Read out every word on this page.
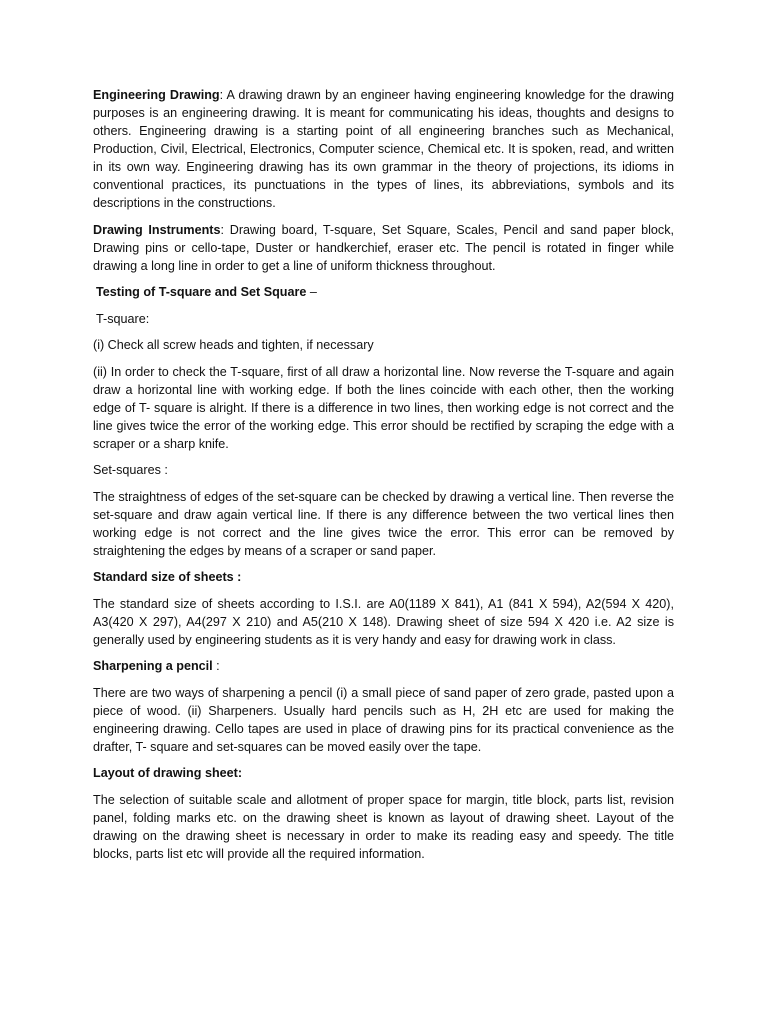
Engineering Drawing: A drawing drawn by an engineer having engineering knowledge for the drawing purposes is an engineering drawing. It is meant for communicating his ideas, thoughts and designs to others. Engineering drawing is a starting point of all engineering branches such as Mechanical, Production, Civil, Electrical, Electronics, Computer science, Chemical etc. It is spoken, read, and written in its own way. Engineering drawing has its own grammar in the theory of projections, its idioms in conventional practices, its punctuations in the types of lines, its abbreviations, symbols and its descriptions in the constructions.

Drawing Instruments: Drawing board, T-square, Set Square, Scales, Pencil and sand paper block, Drawing pins or cello-tape, Duster or handkerchief, eraser etc. The pencil is rotated in finger while drawing a long line in order to get a line of uniform thickness throughout.

Testing of T-square and Set Square –

T-square:

(i) Check all screw heads and tighten, if necessary

(ii) In order to check the T-square, first of all draw a horizontal line. Now reverse the T-square and again draw a horizontal line with working edge. If both the lines coincide with each other, then the working edge of T- square is alright. If there is a difference in two lines, then working edge is not correct and the line gives twice the error of the working edge. This error should be rectified by scraping the edge with a scraper or a sharp knife.

Set-squares :

The straightness of edges of the set-square can be checked by drawing a vertical line. Then reverse the set-square and draw again vertical line. If there is any difference between the two vertical lines then working edge is not correct and the line gives twice the error. This error can be removed by straightening the edges by means of a scraper or sand paper.

Standard size of sheets :

The standard size of sheets according to I.S.I. are A0(1189 X 841), A1 (841 X 594), A2(594 X 420), A3(420 X 297), A4(297 X 210) and A5(210 X 148). Drawing sheet of size 594 X 420 i.e. A2 size is generally used by engineering students as it is very handy and easy for drawing work in class.

Sharpening a pencil :

There are two ways of sharpening a pencil (i) a small piece of sand paper of zero grade, pasted upon a piece of wood. (ii) Sharpeners. Usually hard pencils such as H, 2H etc are used for making the engineering drawing. Cello tapes are used in place of drawing pins for its practical convenience as the drafter, T- square and set-squares can be moved easily over the tape.

Layout of drawing sheet:

The selection of suitable scale and allotment of proper space for margin, title block, parts list, revision panel, folding marks etc. on the drawing sheet is known as layout of drawing sheet. Layout of the drawing on the drawing sheet is necessary in order to make its reading easy and speedy. The title blocks, parts list etc will provide all the required information.
